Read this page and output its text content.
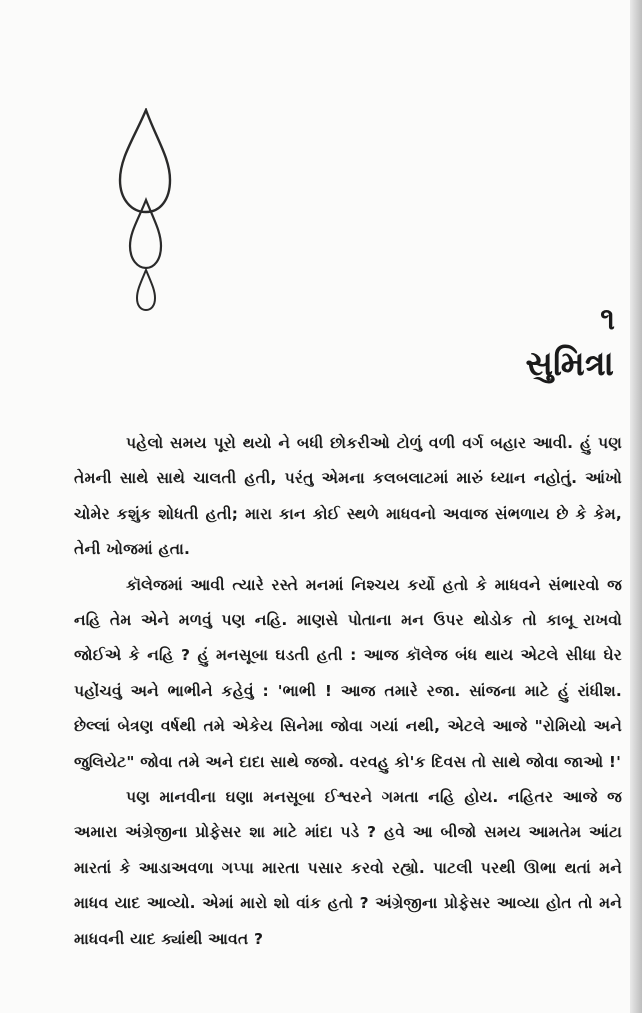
૧
સુમિત્રા

પહેલો સમય પૂરો થયો ને બધી છોકરીઓ ટોળું વળી વર્ગ બહાર આવી. હું પણ તેમની સાથે સાથે ચાલતી હતી, પરંતુ એમના કલબલાટમાં મારું ધ્યાન નહોતું. આંખો ચોમેર કશુંક શોધતી હતી; મારા કાન કોઈ સ્થળે માધવનો અવાજ સંભળાય છે કે કેમ, તેની ખોજમાં હતા.

કૉલેજમાં આવી ત્યારે રસ્તે મનમાં નિશ્ચય કર્યો હતો કે માધવને સંભારવો જ નહિ તેમ એને મળવું પણ નહિ. માણસે પોતાના મન ઉપર થોડોક તો કાબૂ રાખવો જોઈએ કે નહિ ? હું મનસૂબા ઘડતી હતી : આજ કૉલેજ બંધ થાય એટલે સીધા ઘેર પહોંચવું અને ભાભીને કહેવું : 'ભાભી ! આજ તમારે રજા. સાંજના માટે હું રાંધીશ. છેલ્લાં બેત્રણ વર્ષથી તમે એકેય સિનેમા જોવા ગયાં નથી, એટલે આજે "રોમિયો અને જુલિયેટ" જોવા તમે અને દાદા સાથે જજો. વરવહુ કો'ક દિવસ તો સાથે જોવા જાઓ !'

પણ માનવીના ઘણા મનસૂબા ઈશ્વરને ગમતા નહિ હોય. નહિતર આજે જ અમારા અંગ્રેજીના પ્રોફેસર શા માટે માંદા પડે ? હવે આ બીજો સમય આમતેમ આંટા મારતાં કે આડાઅવળા ગપ્પા મારતા પસાર કરવો રહ્યો. પાટલી પરથી ઊભા થતાં મને માધવ યાદ આવ્યો. એમાં મારો શો વાંક હતો ? અંગ્રેજીના પ્રોફેસર આવ્યા હોત તો મને માધવની યાદ ક્યાંથી આવત ?
